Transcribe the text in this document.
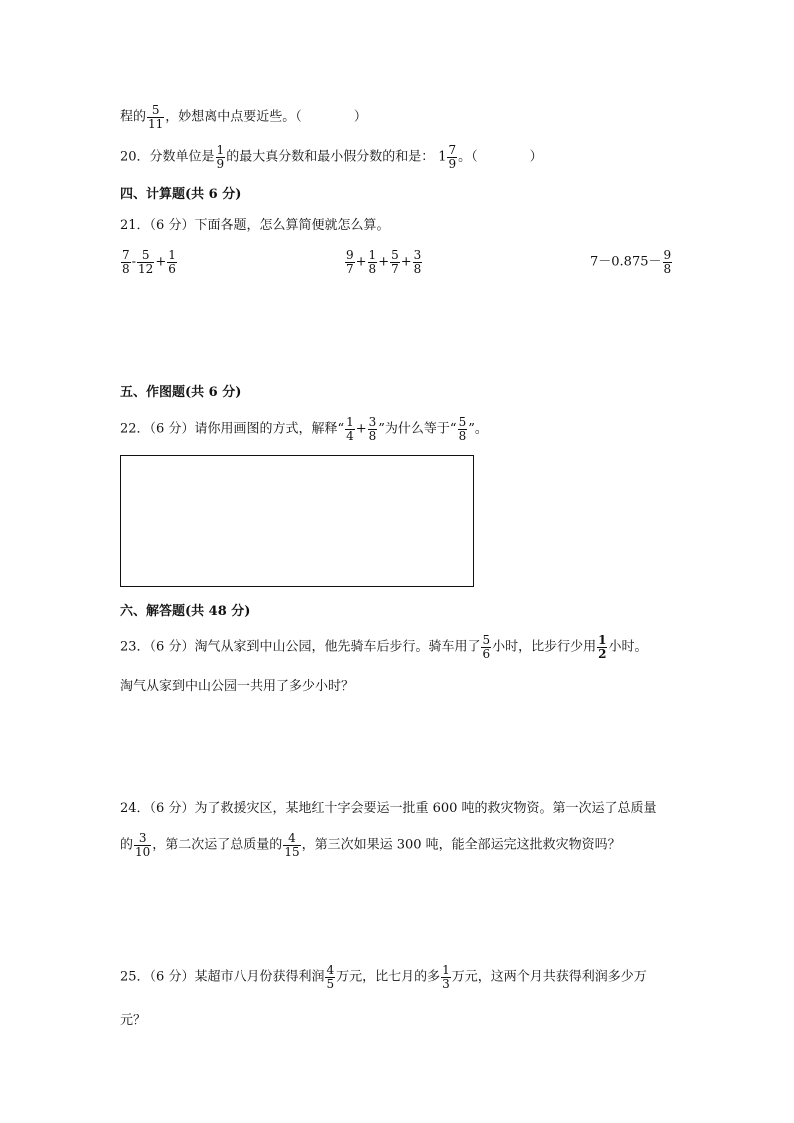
程的 $\frac{5}{11}$ ，妙想离中点要近些。（	）
20．分数单位是 $\frac{1}{9}$ 的最大真分数和最小假分数的和是： $1 \frac{7}{9}$ 。（	）
四、计算题(共 6 分)
21．（6 分）下面各题，怎么算简便就怎么算。
$\frac{7}{8} - \frac{5}{12} + \frac{1}{6}$	$\frac{9}{7} + \frac{1}{8} + \frac{5}{7} + \frac{3}{8}$	$7-0.875- \frac{9}{8}$
五、作图题(共 6 分)
22．（6 分）请你用画图的方式，解释“ $\frac{1}{4} + \frac{3}{8}$ ”为什么等于“ $\frac{5}{8}$ ”。
六、解答题(共 48 分)
23．（6 分）淘气从家到中山公园，他先骑车后步行。骑车用了 $\frac{5}{6}$ 小时，比步行少用 $\frac{1}{2}$ 小时。
淘气从家到中山公园一共用了多少小时？
24．（6 分）为了救援灾区，某地红十字会要运一批重 600 吨的救灾物资。第一次运了总质量
的 $\frac{3}{10}$ ，第二次运了总质量的 $\frac{4}{15}$ ，第三次如果运 300 吨，能全部运完这批救灾物资吗？
25．（6 分）某超市八月份获得利润 $\frac{4}{5}$ 万元，比七月的多 $\frac{1}{3}$ 万元，这两个月共获得利润多少万
元？
